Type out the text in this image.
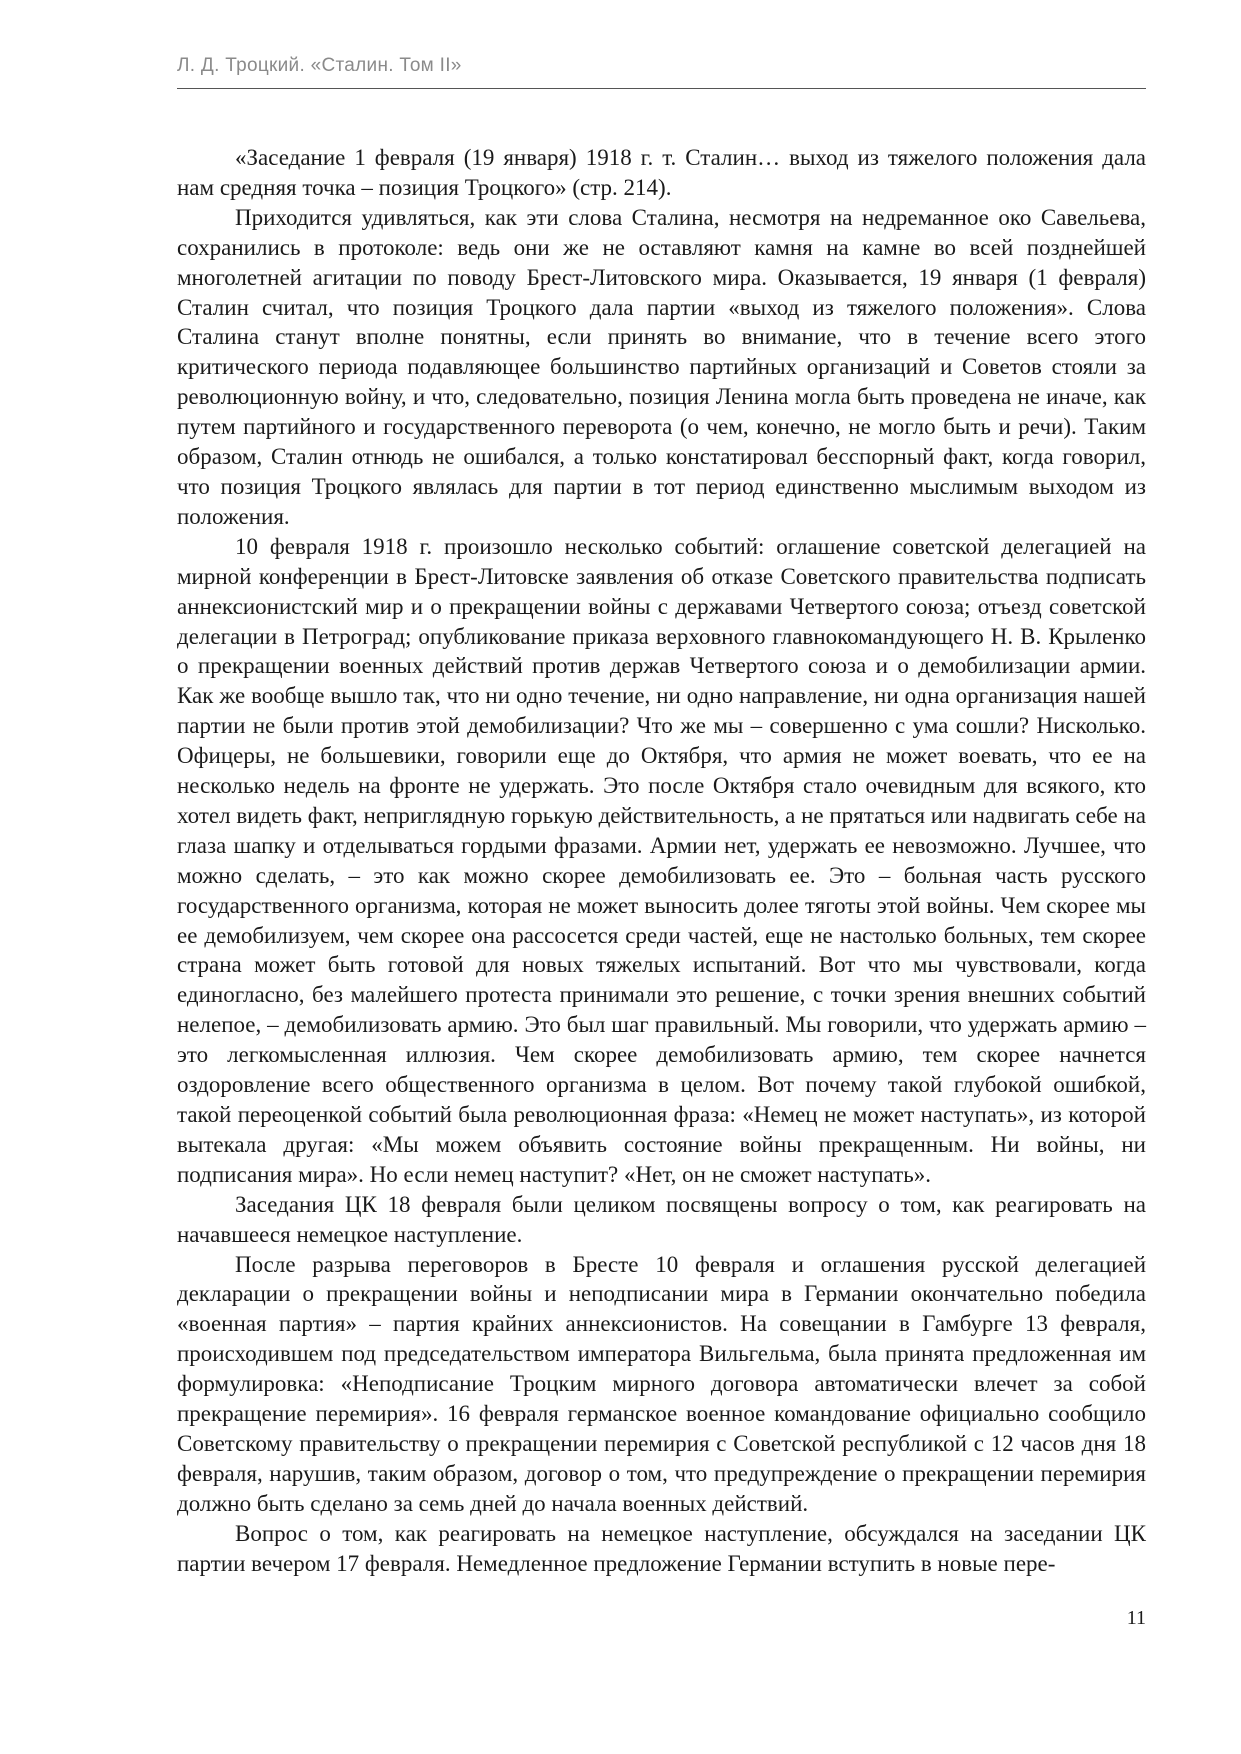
Л. Д. Троцкий. «Сталин. Том II»

«Заседание 1 февраля (19 января) 1918 г. т. Сталин… выход из тяжелого положения дала нам средняя точка – позиция Троцкого» (стр. 214).

Приходится удивляться, как эти слова Сталина, несмотря на недреманное око Савельева, сохранились в протоколе: ведь они же не оставляют камня на камне во всей позднейшей многолетней агитации по поводу Брест-Литовского мира. Оказывается, 19 января (1 февраля) Сталин считал, что позиция Троцкого дала партии «выход из тяжелого положения». Слова Сталина станут вполне понятны, если принять во внимание, что в течение всего этого критического периода подавляющее большинство партийных организаций и Советов стояли за революционную войну, и что, следовательно, позиция Ленина могла быть проведена не иначе, как путем партийного и государственного переворота (о чем, конечно, не могло быть и речи). Таким образом, Сталин отнюдь не ошибался, а только констатировал бесспорный факт, когда говорил, что позиция Троцкого являлась для партии в тот период единственно мыслимым выходом из положения.

10 февраля 1918 г. произошло несколько событий: оглашение советской делегацией на мирной конференции в Брест-Литовске заявления об отказе Советского правительства подписать аннексионистский мир и о прекращении войны с державами Четвертого союза; отъезд советской делегации в Петроград; опубликование приказа верховного главнокомандующего Н. В. Крыленко о прекращении военных действий против держав Четвертого союза и о демобилизации армии. Как же вообще вышло так, что ни одно течение, ни одно направление, ни одна организация нашей партии не были против этой демобилизации? Что же мы – совершенно с ума сошли? Нисколько. Офицеры, не большевики, говорили еще до Октября, что армия не может воевать, что ее на несколько недель на фронте не удержать. Это после Октября стало очевидным для всякого, кто хотел видеть факт, неприглядную горькую действительность, а не прятаться или надвигать себе на глаза шапку и отделываться гордыми фразами. Армии нет, удержать ее невозможно. Лучшее, что можно сделать, – это как можно скорее демобилизовать ее. Это – больная часть русского государственного организма, которая не может выносить долее тяготы этой войны. Чем скорее мы ее демобилизуем, чем скорее она рассосется среди частей, еще не настолько больных, тем скорее страна может быть готовой для новых тяжелых испытаний. Вот что мы чувствовали, когда единогласно, без малейшего протеста принимали это решение, с точки зрения внешних событий нелепое, – демобилизовать армию. Это был шаг правильный. Мы говорили, что удержать армию – это легкомысленная иллюзия. Чем скорее демобилизовать армию, тем скорее начнется оздоровление всего общественного организма в целом. Вот почему такой глубокой ошибкой, такой переоценкой событий была революционная фраза: «Немец не может наступать», из которой вытекала другая: «Мы можем объявить состояние войны прекращенным. Ни войны, ни подписания мира». Но если немец наступит? «Нет, он не сможет наступать».

Заседания ЦК 18 февраля были целиком посвящены вопросу о том, как реагировать на начавшееся немецкое наступление.

После разрыва переговоров в Бресте 10 февраля и оглашения русской делегацией декларации о прекращении войны и неподписании мира в Германии окончательно победила «военная партия» – партия крайних аннексионистов. На совещании в Гамбурге 13 февраля, происходившем под председательством императора Вильгельма, была принята предложенная им формулировка: «Неподписание Троцким мирного договора автоматически влечет за собой прекращение перемирия». 16 февраля германское военное командование официально сообщило Советскому правительству о прекращении перемирия с Советской республикой с 12 часов дня 18 февраля, нарушив, таким образом, договор о том, что предупреждение о прекращении перемирия должно быть сделано за семь дней до начала военных действий.

Вопрос о том, как реагировать на немецкое наступление, обсуждался на заседании ЦК партии вечером 17 февраля. Немедленное предложение Германии вступить в новые пере-

11
